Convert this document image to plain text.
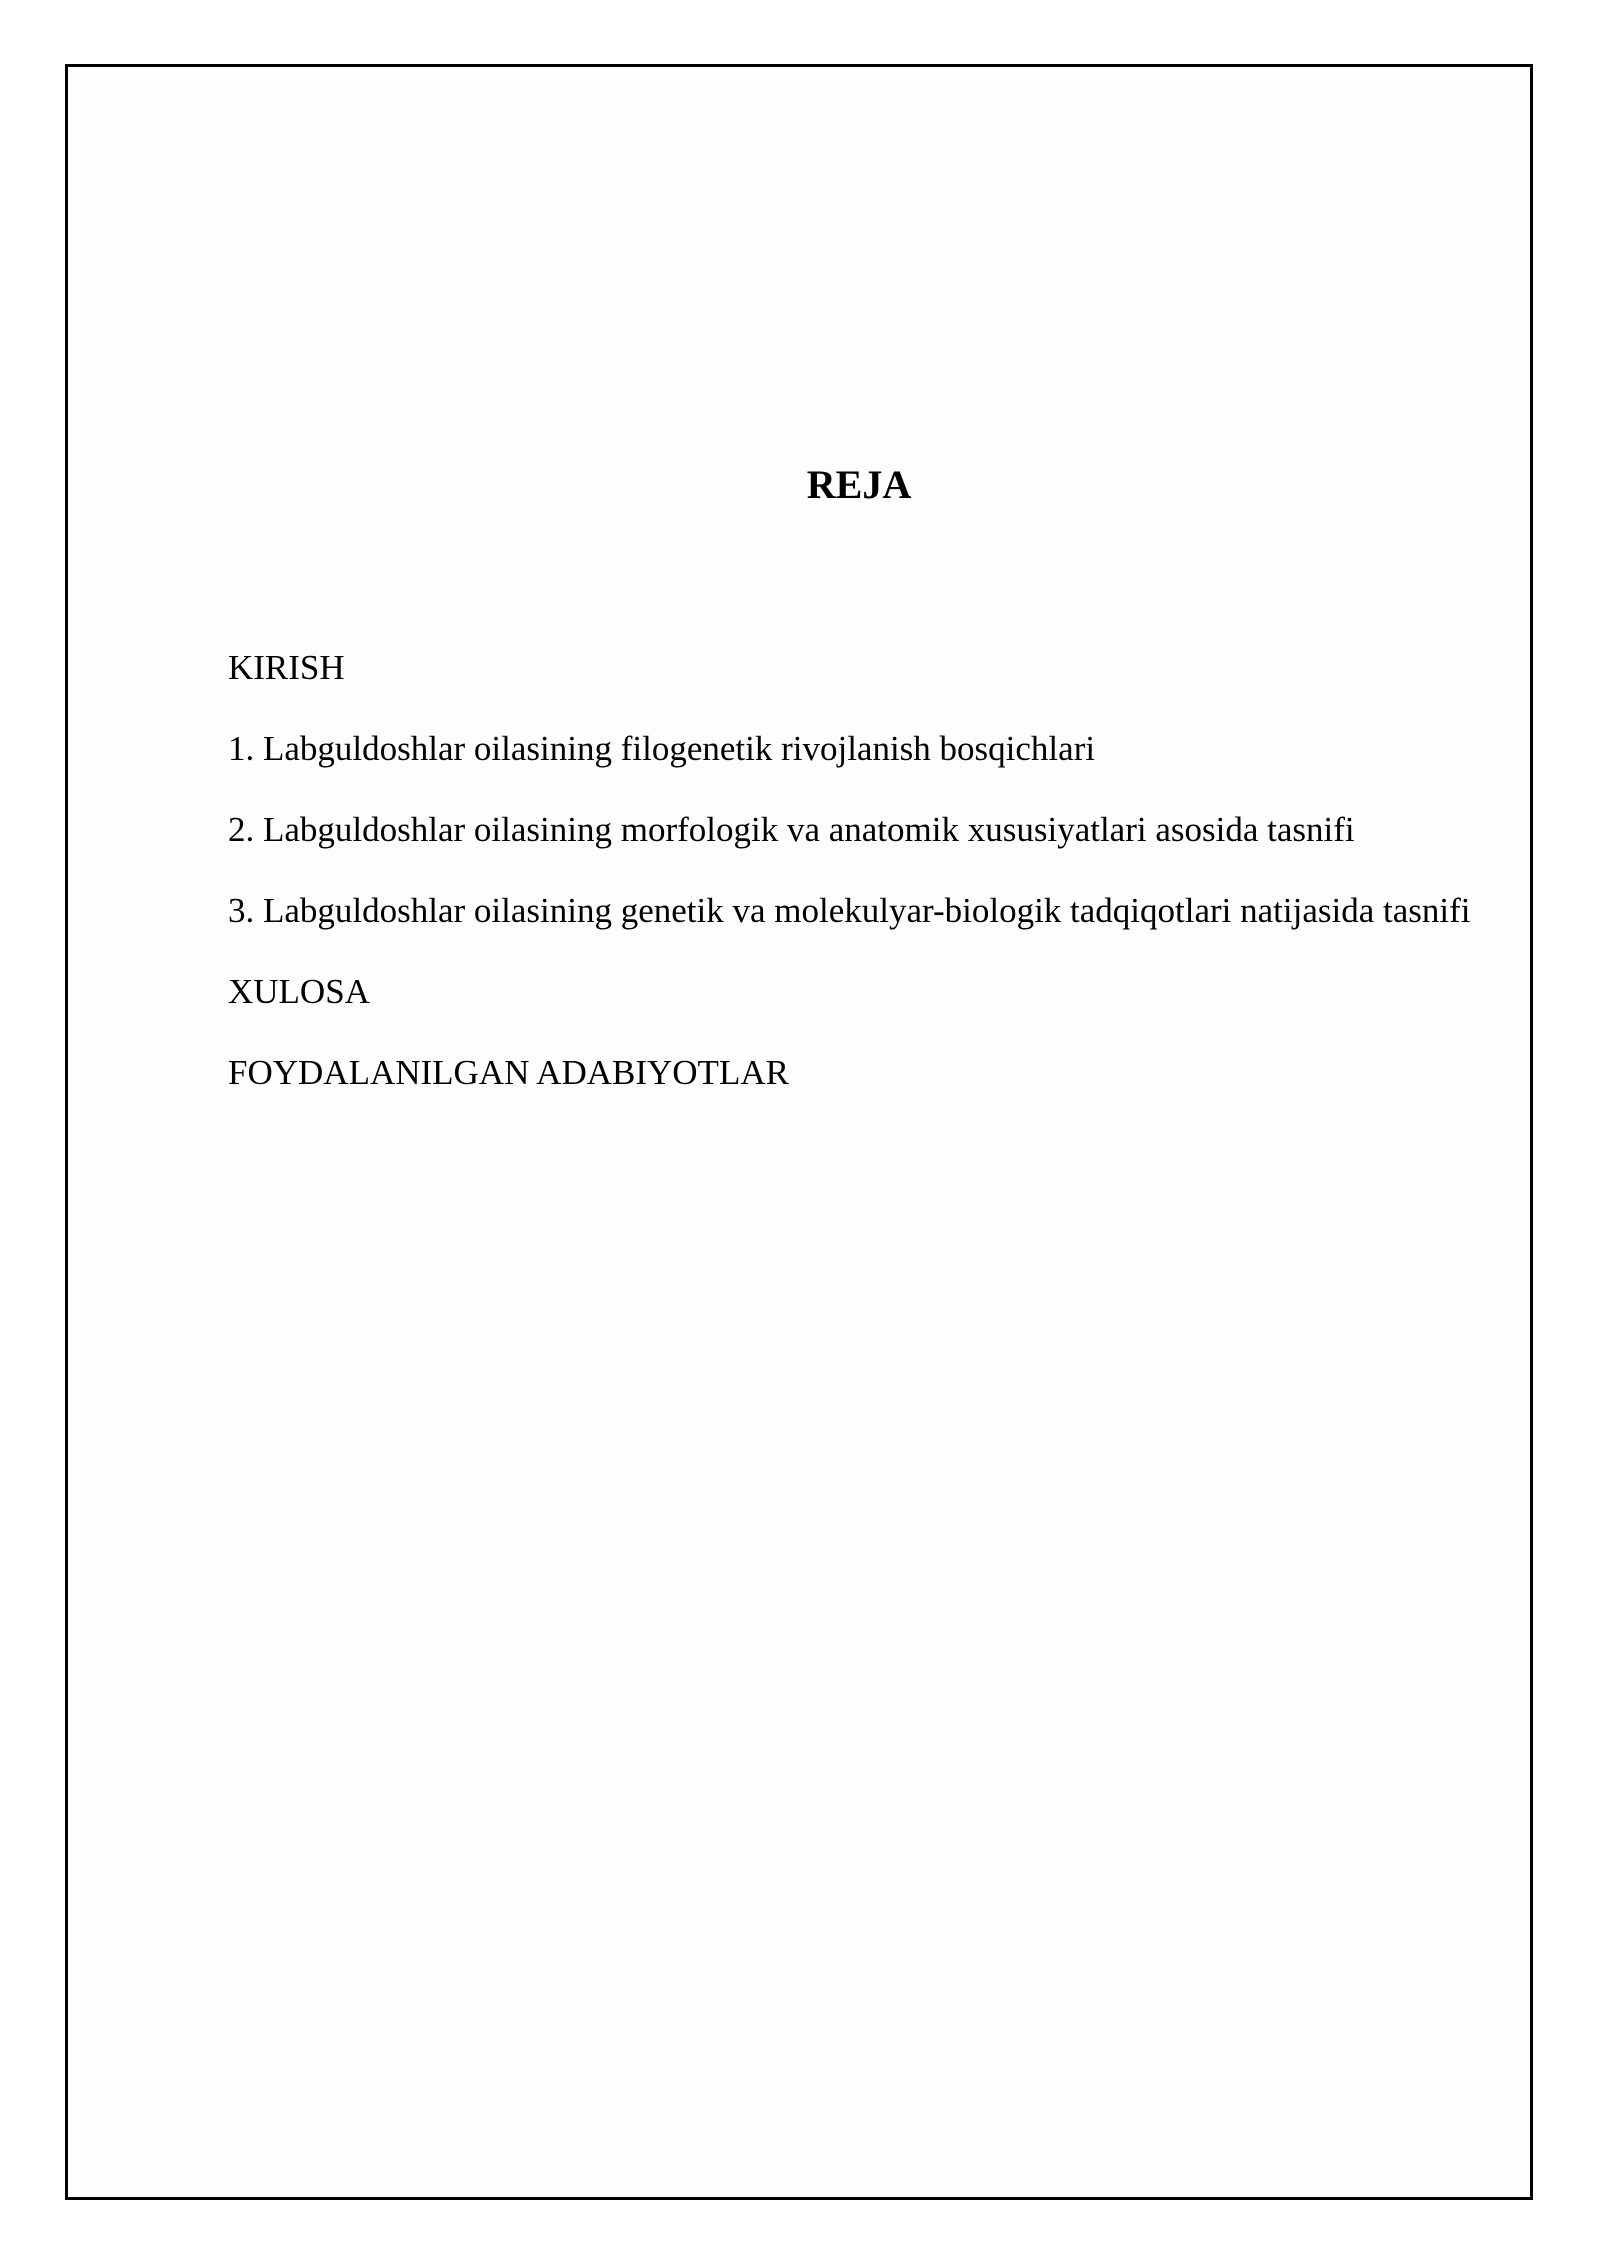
REJA

KIRISH

1. Labguldoshlar oilasining filogenetik rivojlanish bosqichlari

2. Labguldoshlar oilasining morfologik va anatomik xususiyatlari asosida tasnifi

3. Labguldoshlar oilasining genetik va molekulyar-biologik tadqiqotlari natijasida tasnifi

XULOSA

FOYDALANILGAN ADABIYOTLAR
